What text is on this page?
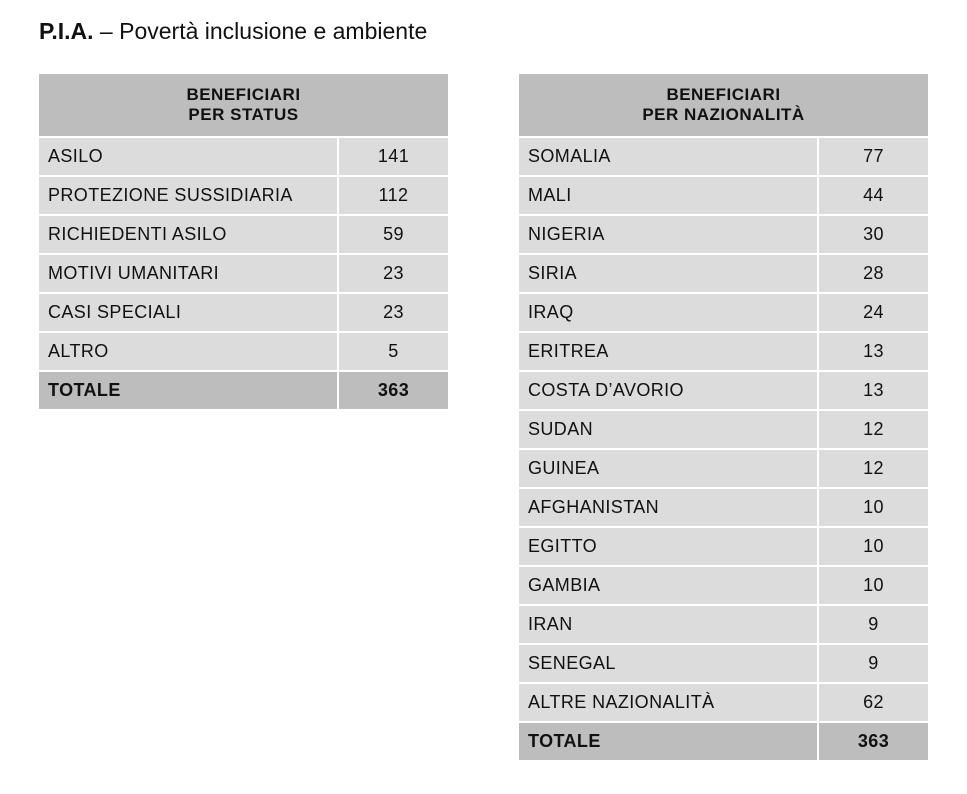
P.I.A. – Povertà inclusione e ambiente
BENEFICIARI
PER STATUS	

ASILO	141
PROTEZIONE SUSSIDIARIA	112
RICHIEDENTI ASILO	59
MOTIVI UMANITARI	23
CASI SPECIALI	23
ALTRO	5
TOTALE	363
BENEFICIARI
PER NAZIONALITÀ	

SOMALIA	77
MALI	44
NIGERIA	30
SIRIA	28
IRAQ	24
ERITREA	13
COSTA D’AVORIO	13
SUDAN	12
GUINEA	12
AFGHANISTAN	10
EGITTO	10
GAMBIA	10
IRAN	9
SENEGAL	9
ALTRE NAZIONALITÀ	62
TOTALE	363
